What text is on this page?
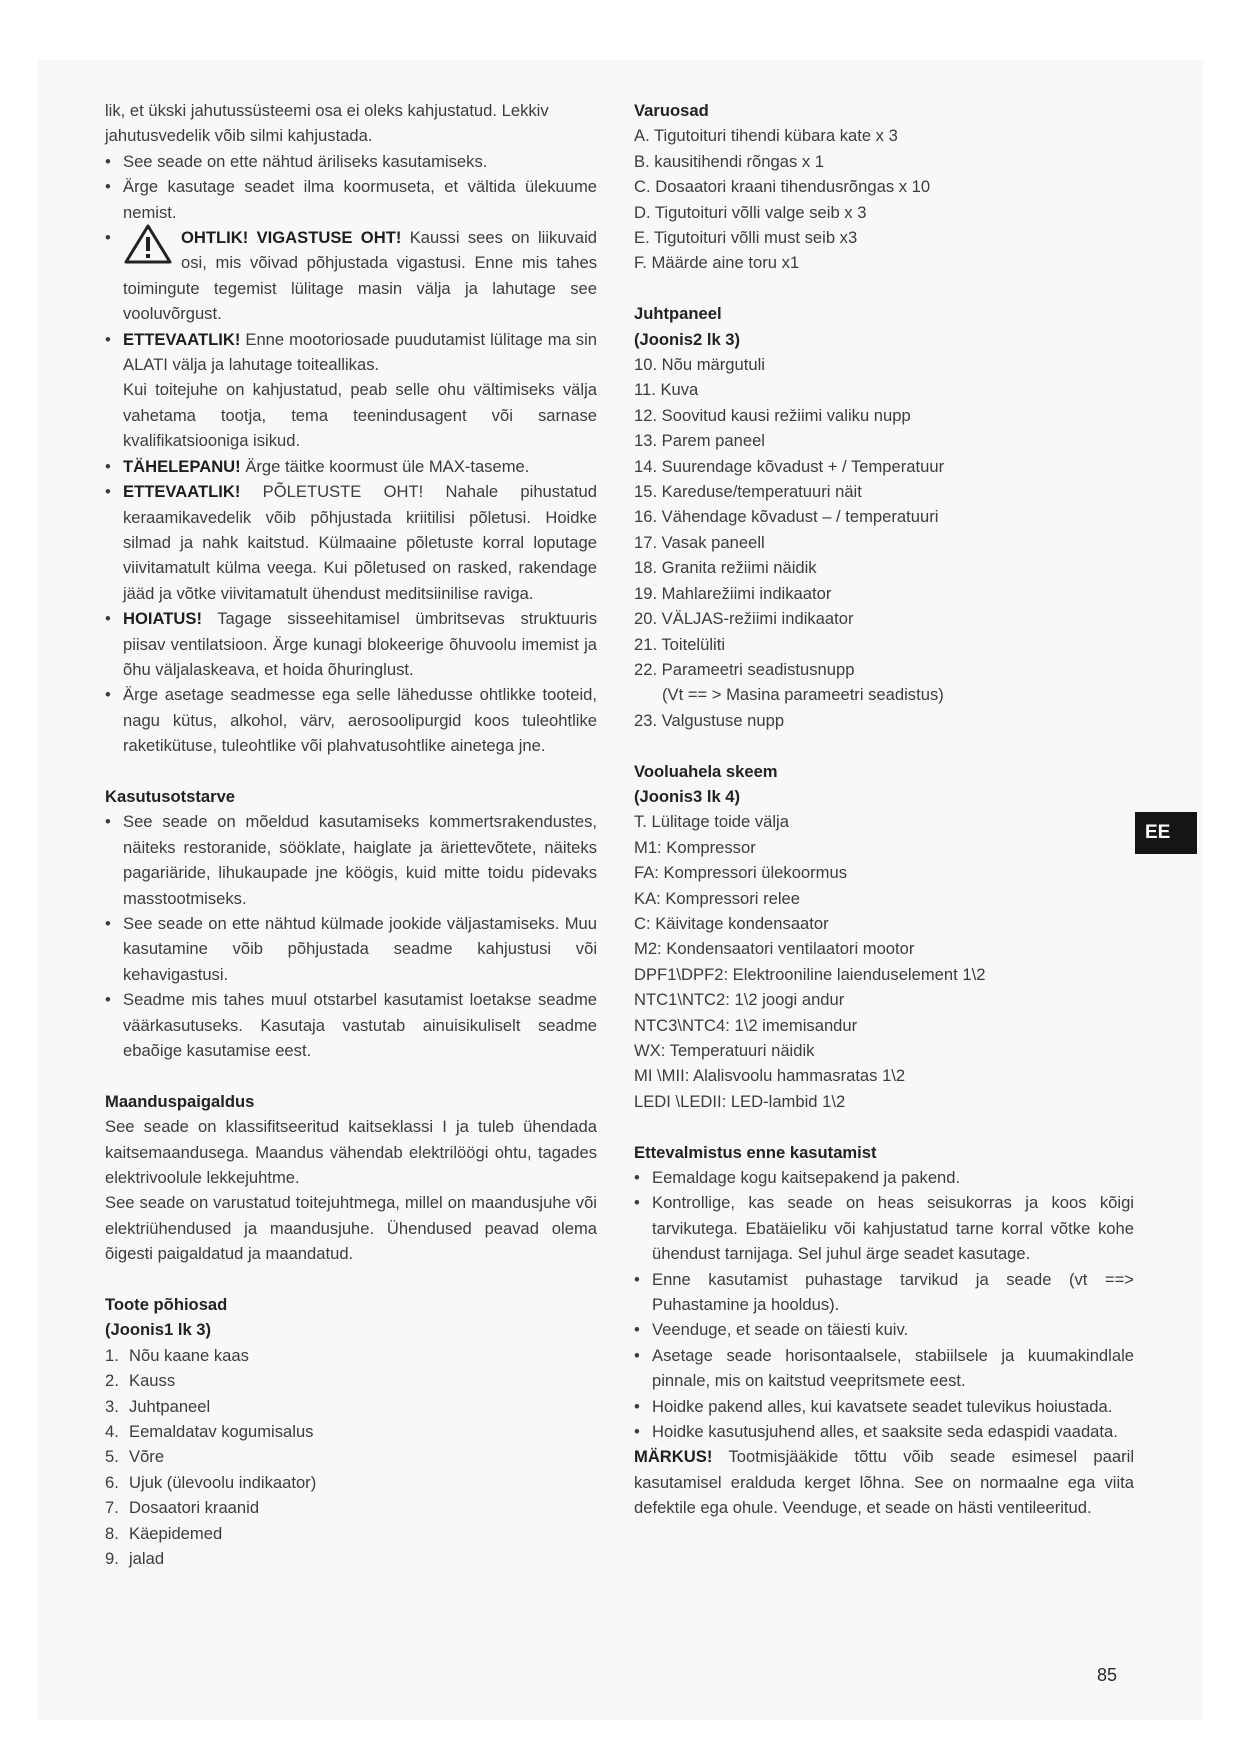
lik, et ükski jahutussüsteemi osa ei oleks kahjustatud. Lekkiv

jahutusvedelik võib silmi kahjustada.

• See seade on ette nähtud äriliseks kasutamiseks.
• Ärge kasutage seadet ilma koormuseta, et vältida ülekuume nemist.
•	OHTLIK! VIGASTUSE OHT! Kaussi sees on liikuvaid osi, mis võivad põhjustada vigastusi. Enne mis tahes toimingute tegemist lülitage masin välja ja lahutage see vooluvõrgust.
• ETTEVAATLIK! Enne mootoriosade puudutamist lülitage ma sin ALATI välja ja lahutage toiteallikas.

Kui toitejuhe on kahjustatud, peab selle ohu vältimiseks välja vahetama tootja, tema teenindusagent või sarnase kvalifikatsiooniga isikud.

• TÄHELEPANU! Ärge täitke koormust üle MAX-taseme.
• ETTEVAATLIK! PÕLETUSTE OHT! Nahale pihustatud keraamikavedelik võib põhjustada kriitilisi põletusi. Hoidke silmad ja nahk kaitstud. Külmaaine põletuste korral loputage viivitamatult külma veega. Kui põletused on rasked, rakendage jääd ja võtke viivitamatult ühendust meditsiinilise raviga.
• HOIATUS! Tagage sisseehitamisel ümbritsevas struktuuris piisav ventilatsioon. Ärge kunagi blokeerige õhuvoolu imemist ja õhu väljalaskeava, et hoida õhuringlust.
• Ärge asetage seadmesse ega selle lähedusse ohtlikke tooteid, nagu kütus, alkohol, värv, aerosoolipurgid koos tuleohtlike raketikütuse, tuleohtlike või plahvatusohtlike ainetega jne.

Kasutusotstarve

• See seade on mõeldud kasutamiseks kommertsrakendustes, näiteks restoranide, sööklate, haiglate ja äriettevõtete, näiteks pagariäride, lihukaupade jne köögis, kuid mitte toidu pidevaks masstootmiseks.
• See seade on ette nähtud külmade jookide väljastamiseks. Muu kasutamine võib põhjustada seadme kahjustusi või kehavigastusi.
• Seadme mis tahes muul otstarbel kasutamist loetakse seadme väärkasutuseks. Kasutaja vastutab ainuisikuliselt seadme ebaõige kasutamise eest.

Maanduspaigaldus

See seade on klassifitseeritud kaitseklassi I ja tuleb ühendada kaitsemaandusega. Maandus vähendab elektrilöögi ohtu, tagades elektrivoolule lekkejuhtme.

See seade on varustatud toitejuhtmega, millel on maandusjuhe või elektriühendused ja maandusjuhe. Ühendused peavad olema õigesti paigaldatud ja maandatud.

Toote põhiosad

(Joonis1 lk 3)

1. Nõu kaane kaas
2. Kauss
3. Juhtpaneel
4. Eemaldatav kogumisalus
5. Võre
6. Ujuk (ülevoolu indikaator)
7. Dosaatori kraanid
8. Käepidemed
9. jalad

Varuosad

A. Tigutoituri tihendi kübara kate x 3

B. kausitihendi rõngas x 1

C. Dosaatori kraani tihendusrõngas x 10

D. Tigutoituri võlli valge seib x 3

E. Tigutoituri võlli must seib x3

F. Määrde aine toru x1

Juhtpaneel

(Joonis2 lk 3)

10. Nõu märgutuli

11. Kuva

12. Soovitud kausi režiimi valiku nupp

13. Parem paneel

14. Suurendage kõvadust + / Temperatuur

15. Kareduse/temperatuuri näit

16. Vähendage kõvadust – / temperatuuri

17. Vasak paneell

18. Granita režiimi näidik

19. Mahlarežiimi indikaator

20. VÄLJAS-režiimi indikaator

21. Toitelüliti

22. Parameetri seadistusnupp

(Vt == > Masina parameetri seadistus)

23. Valgustuse nupp

Vooluahela skeem

(Joonis3 lk 4)

T. Lülitage toide välja

M1: Kompressor

FA: Kompressori ülekoormus

KA: Kompressori relee

C: Käivitage kondensaator

M2: Kondensaatori ventilaatori mootor

DPF1\DPF2: Elektrooniline laienduselement 1\2

NTC1\NTC2: 1\2 joogi andur

NTC3\NTC4: 1\2 imemisandur

WX: Temperatuuri näidik

MI \MII: Alalisvoolu hammasratas 1\2

LEDI \LEDII: LED-lambid 1\2

Ettevalmistus enne kasutamist

• Eemaldage kogu kaitsepakend ja pakend.
• Kontrollige, kas seade on heas seisukorras ja koos kõigi tarvikutega. Ebatäieliku või kahjustatud tarne korral võtke kohe ühendust tarnijaga. Sel juhul ärge seadet kasutage.
• Enne kasutamist puhastage tarvikud ja seade (vt ==> Puhastamine ja hooldus).
• Veenduge, et seade on täiesti kuiv.
• Asetage seade horisontaalsele, stabiilsele ja kuumakindlale pinnale, mis on kaitstud veepritsmete eest.
• Hoidke pakend alles, kui kavatsete seadet tulevikus hoiustada.
• Hoidke kasutusjuhend alles, et saaksite seda edaspidi vaadata.

MÄRKUS! Tootmisjääkide tõttu võib seade esimesel paaril kasutamisel eralduda kerget lõhna. See on normaalne ega viita defektile ega ohule. Veenduge, et seade on hästi ventileeritud.

EE
85
